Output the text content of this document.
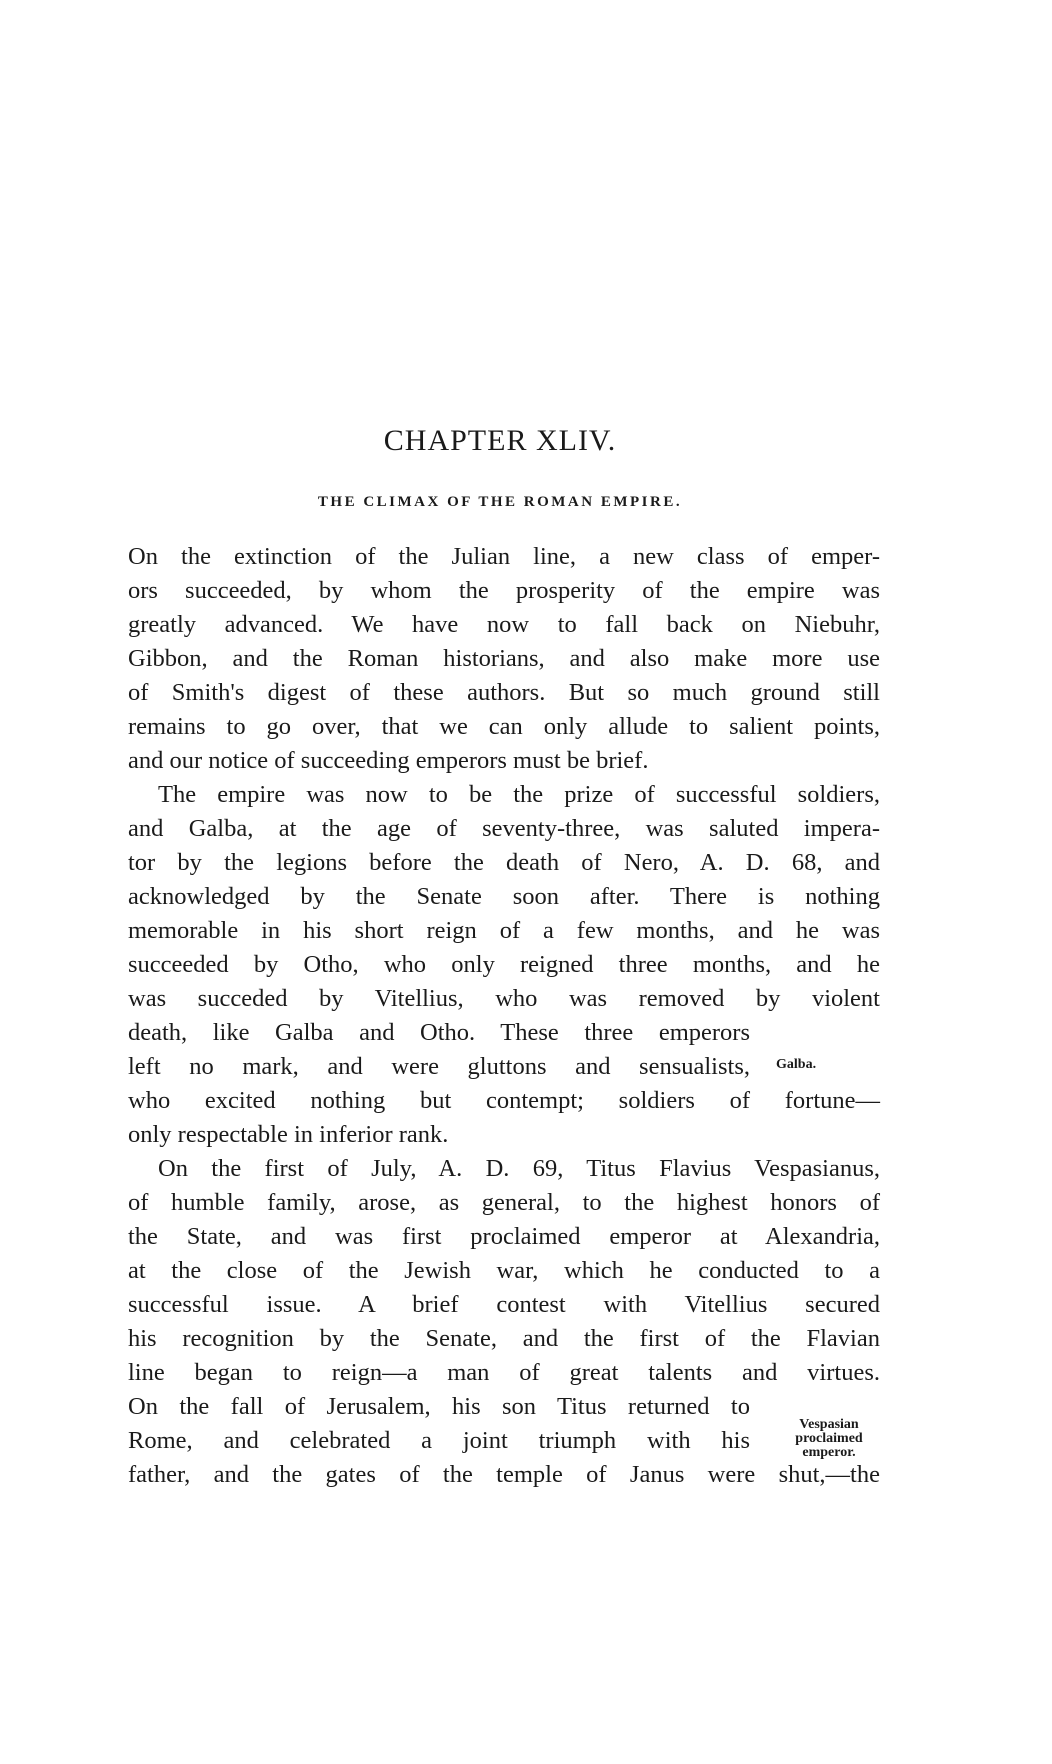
CHAPTER XLIV.
THE CLIMAX OF THE ROMAN EMPIRE.
On the extinction of the Julian line, a new class of emper-
ors succeeded, by whom the prosperity of the empire was
greatly advanced. We have now to fall back on Niebuhr,
Gibbon, and the Roman historians, and also make more use
of Smith's digest of these authors. But so much ground still
remains to go over, that we can only allude to salient points,
and our notice of succeeding emperors must be brief.
The empire was now to be the prize of successful soldiers,
and Galba, at the age of seventy-three, was saluted impera-
tor by the legions before the death of Nero, A. D. 68, and
acknowledged by the Senate soon after. There is nothing
memorable in his short reign of a few months, and he was
succeeded by Otho, who only reigned three months, and he
was succeded by Vitellius, who was removed by violent
death, like Galba and Otho. These three emperors
left no mark, and were gluttons and sensualists,
who excited nothing but contempt; soldiers of fortune—
only respectable in inferior rank.
On the first of July, A. D. 69, Titus Flavius Vespasianus,
of humble family, arose, as general, to the highest honors of
the State, and was first proclaimed emperor at Alexandria,
at the close of the Jewish war, which he conducted to a
successful issue. A brief contest with Vitellius secured
his recognition by the Senate, and the first of the Flavian
line began to reign—a man of great talents and virtues.
On the fall of Jerusalem, his son Titus returned to
Rome, and celebrated a joint triumph with his
father, and the gates of the temple of Janus were shut,—the
Galba.
Vespasian
proclaimed
emperor.
